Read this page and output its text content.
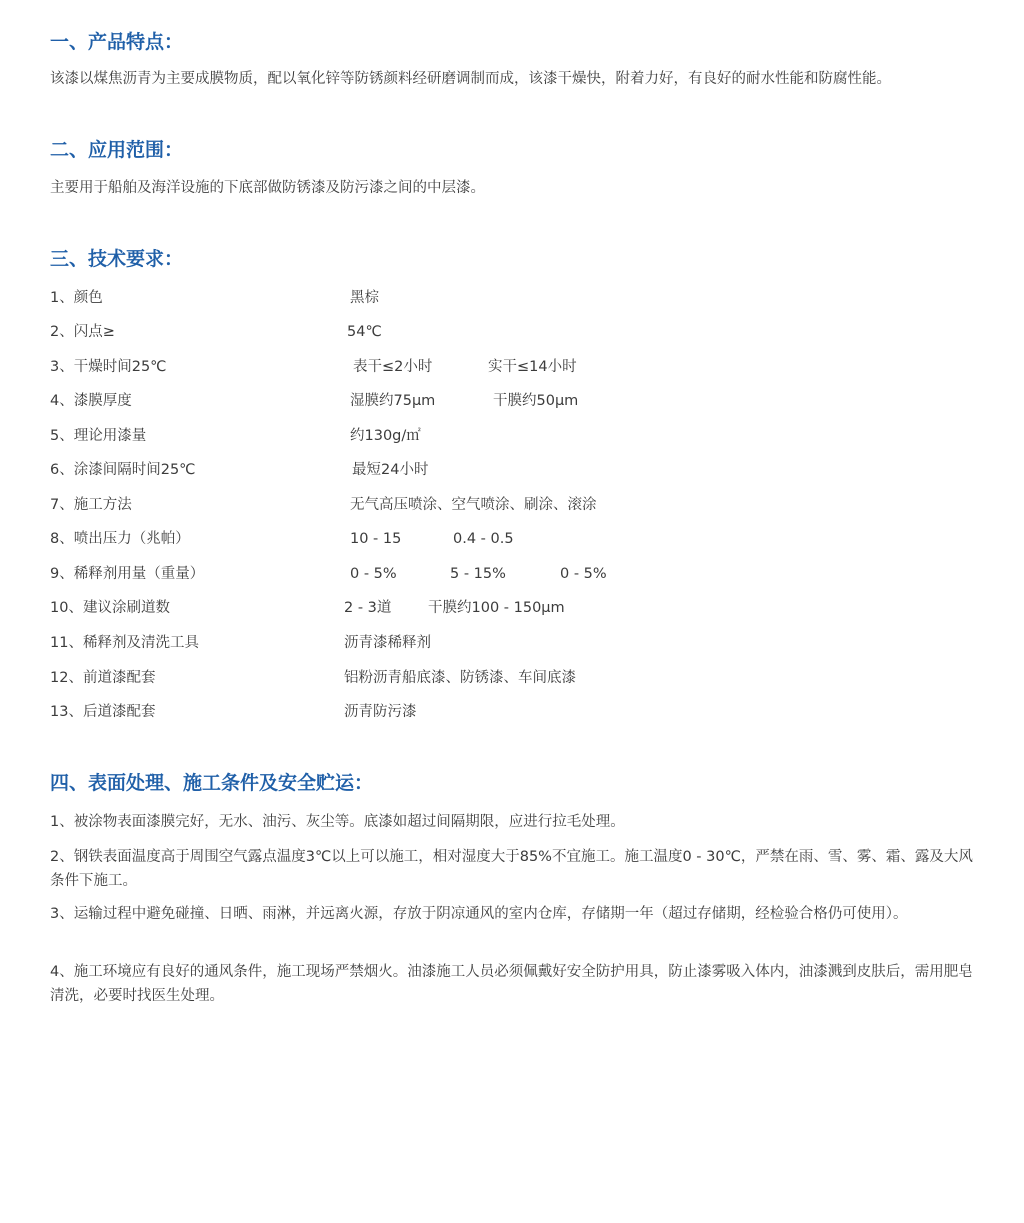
一、产品特点：
该漆以煤焦沥青为主要成膜物质，配以氧化锌等防锈颜料经研磨调制而成，该漆干燥快，附着力好，有良好的耐水性能和防腐性能。
二、应用范围：
主要用于船舶及海洋设施的下底部做防锈漆及防污漆之间的中层漆。
三、技术要求：
1、颜色	黑棕
2、闪点≥	54℃
3、干燥时间25℃	表干≤2小时	实干≤14小时
4、漆膜厚度	湿膜约75μm	干膜约50μm
5、理论用漆量	约130g/㎡
6、涂漆间隔时间25℃	最短24小时
7、施工方法	无气高压喷涂、空气喷涂、刷涂、滚涂
8、喷出压力（兆帕）	10 - 15	0.4 - 0.5
9、稀释剂用量（重量）	0 - 5%	5 - 15%	0 - 5%
10、建议涂刷道数	2 - 3道	干膜约100 - 150μm
11、稀释剂及清洗工具	沥青漆稀释剂
12、前道漆配套	铝粉沥青船底漆、防锈漆、车间底漆
13、后道漆配套	沥青防污漆
四、表面处理、施工条件及安全贮运：
1、被涂物表面漆膜完好，无水、油污、灰尘等。底漆如超过间隔期限，应进行拉毛处理。
2、钢铁表面温度高于周围空气露点温度3℃以上可以施工，相对湿度大于85%不宜施工。施工温度0 - 30℃，严禁在雨、雪、雾、霜、露及大风条件下施工。
3、运输过程中避免碰撞、日晒、雨淋，并远离火源，存放于阴凉通风的室内仓库，存储期一年（超过存储期，经检验合格仍可使用）。
4、施工环境应有良好的通风条件，施工现场严禁烟火。油漆施工人员必须佩戴好安全防护用具，防止漆雾吸入体内，油漆溅到皮肤后，需用肥皂清洗，必要时找医生处理。
